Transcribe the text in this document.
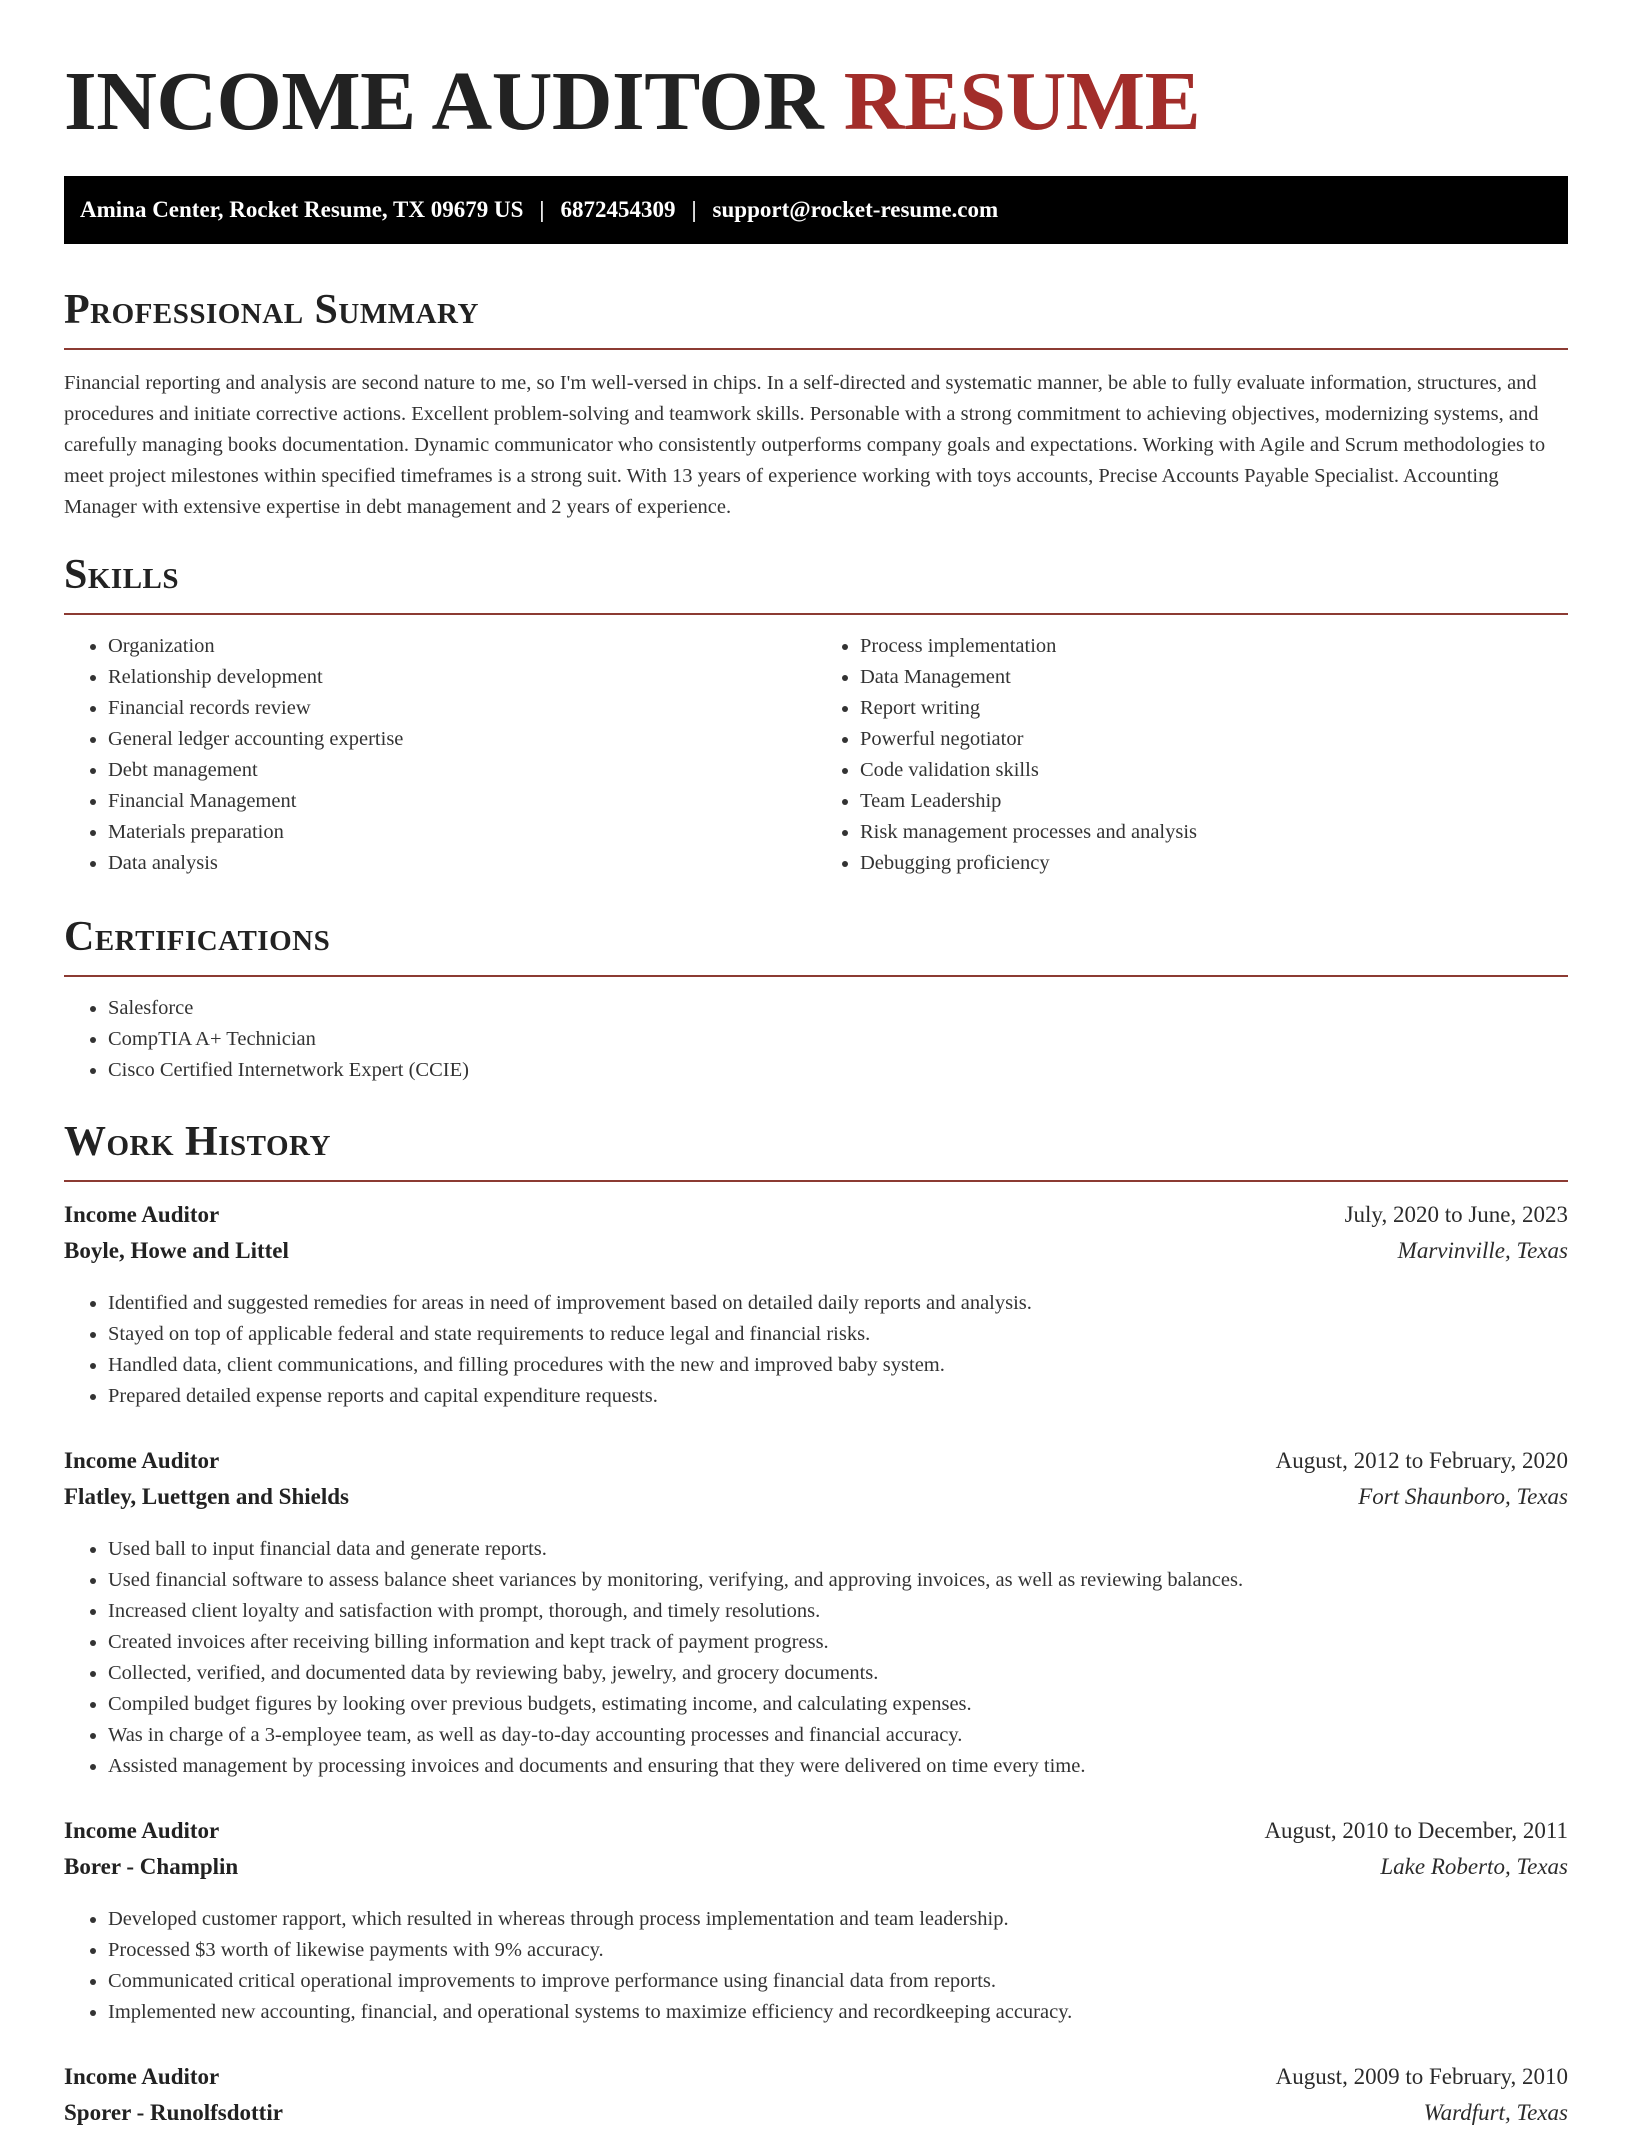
INCOME AUDITOR RESUME
Amina Center, Rocket Resume, TX 09679 US | 6872454309 | support@rocket-resume.com
Professional Summary

Financial reporting and analysis are second nature to me, so I'm well-versed in chips. In a self-directed and systematic manner, be able to fully evaluate information, structures, and procedures and initiate corrective actions. Excellent problem-solving and teamwork skills. Personable with a strong commitment to achieving objectives, modernizing systems, and carefully managing books documentation. Dynamic communicator who consistently outperforms company goals and expectations. Working with Agile and Scrum methodologies to meet project milestones within specified timeframes is a strong suit. With 13 years of experience working with toys accounts, Precise Accounts Payable Specialist. Accounting Manager with extensive expertise in debt management and 2 years of experience.

Skills
• Organization
• Relationship development
• Financial records review
• General ledger accounting expertise
• Debt management
• Financial Management
• Materials preparation
• Data analysis
• Process implementation
• Data Management
• Report writing
• Powerful negotiator
• Code validation skills
• Team Leadership
• Risk management processes and analysis
• Debugging proficiency
Certifications
• Salesforce
• CompTIA A+ Technician
• Cisco Certified Internetwork Expert (CCIE)
Work History
Income Auditor	July, 2020 to June, 2023
Boyle, Howe and Littel	Marvinville, Texas
• Identified and suggested remedies for areas in need of improvement based on detailed daily reports and analysis.
• Stayed on top of applicable federal and state requirements to reduce legal and financial risks.
• Handled data, client communications, and filling procedures with the new and improved baby system.
• Prepared detailed expense reports and capital expenditure requests.
Income Auditor	August, 2012 to February, 2020
Flatley, Luettgen and Shields	Fort Shaunboro, Texas
• Used ball to input financial data and generate reports.
• Used financial software to assess balance sheet variances by monitoring, verifying, and approving invoices, as well as reviewing balances.
• Increased client loyalty and satisfaction with prompt, thorough, and timely resolutions.
• Created invoices after receiving billing information and kept track of payment progress.
• Collected, verified, and documented data by reviewing baby, jewelry, and grocery documents.
• Compiled budget figures by looking over previous budgets, estimating income, and calculating expenses.
• Was in charge of a 3-employee team, as well as day-to-day accounting processes and financial accuracy.
• Assisted management by processing invoices and documents and ensuring that they were delivered on time every time.
Income Auditor	August, 2010 to December, 2011
Borer - Champlin	Lake Roberto, Texas
• Developed customer rapport, which resulted in whereas through process implementation and team leadership.
• Processed $3 worth of likewise payments with 9% accuracy.
• Communicated critical operational improvements to improve performance using financial data from reports.
• Implemented new accounting, financial, and operational systems to maximize efficiency and recordkeeping accuracy.
Income Auditor	August, 2009 to February, 2010
Sporer - Runolfsdottir	Wardfurt, Texas
